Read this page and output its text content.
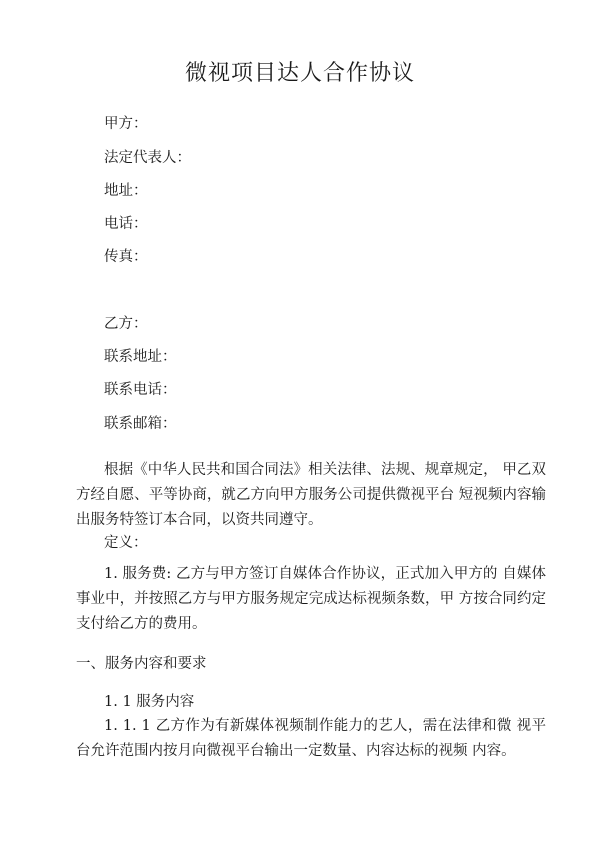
微视项目达人合作协议
甲方：
法定代表人：
地址：
电话：
传真：
乙方：
联系地址：
联系电话：
联系邮箱：
根据《中华人民共和国合同法》相关法律、法规、规章规定， 甲乙双方经自愿、平等协商，就乙方向甲方服务公司提供微视平台 短视频内容输出服务特签订本合同，以资共同遵守。
定义：
1. 服务费: 乙方与甲方签订自媒体合作协议，正式加入甲方的 自媒体事业中，并按照乙方与甲方服务规定完成达标视频条数，甲 方按合同约定支付给乙方的费用。
一、服务内容和要求
1. 1 服务内容
1. 1. 1 乙方作为有新媒体视频制作能力的艺人，需在法律和微 视平台允许范围内按月向微视平台输出一定数量、内容达标的视频 内容。
